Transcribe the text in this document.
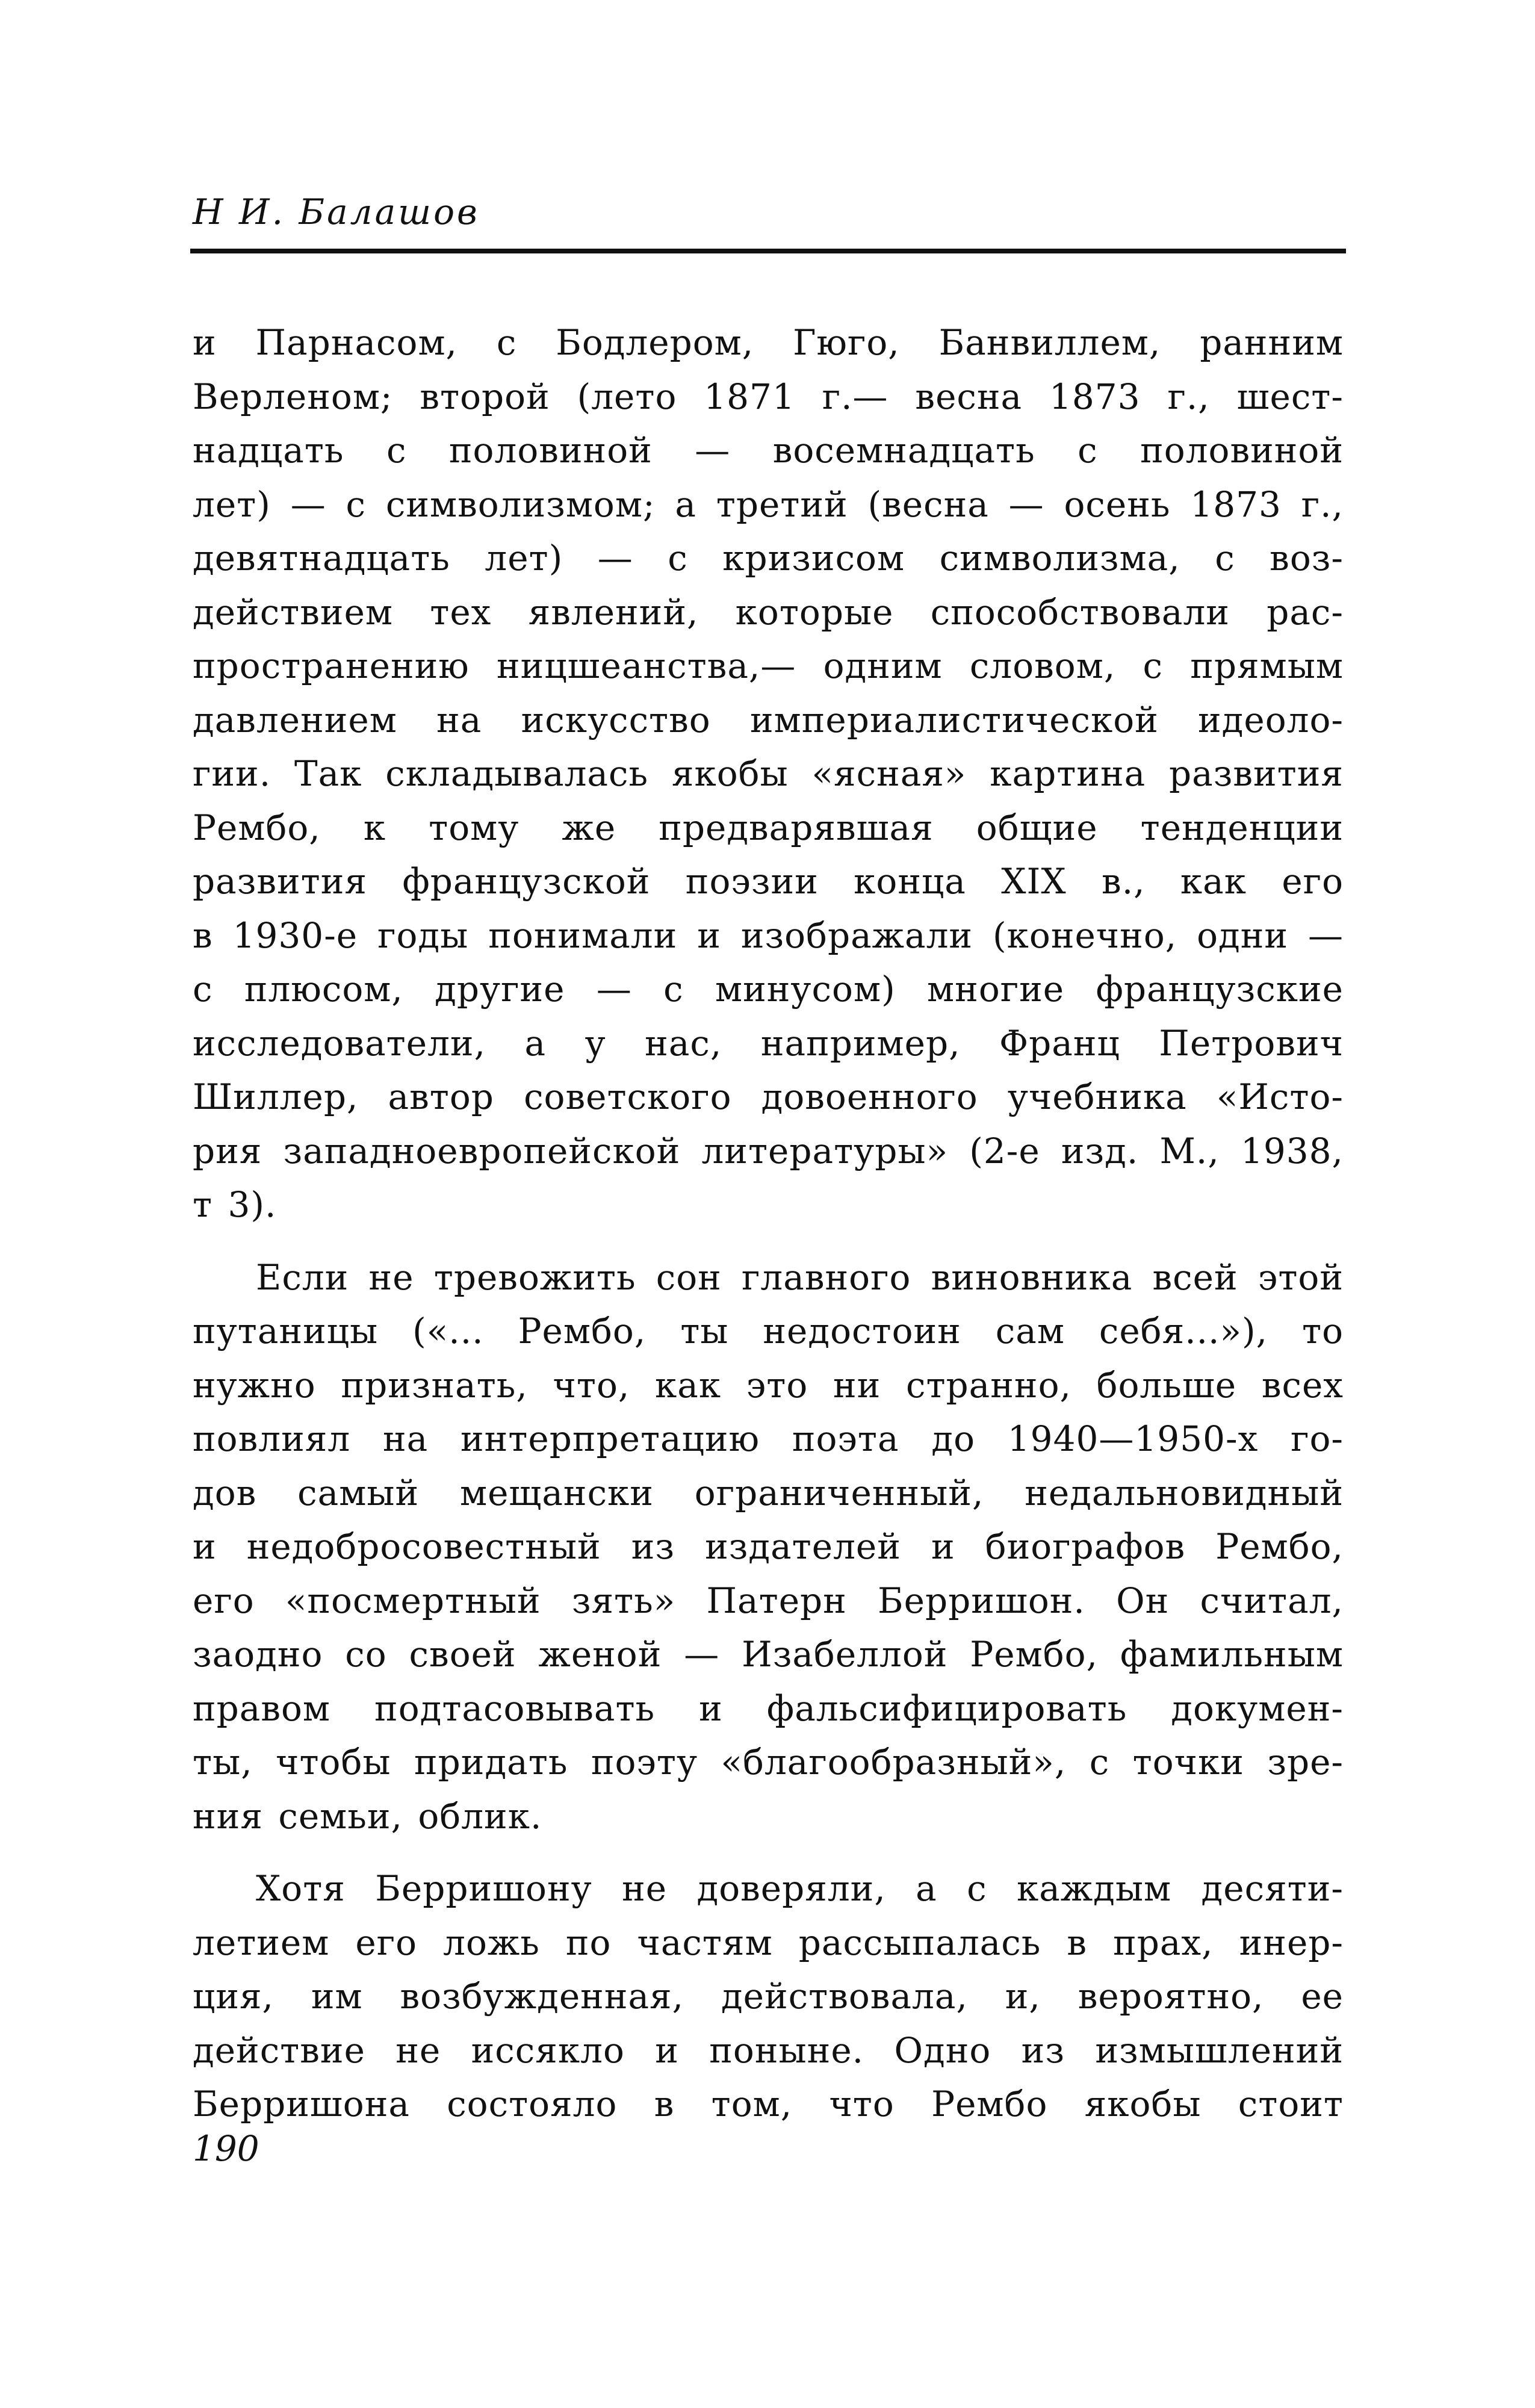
Н И. Балашов

и Парнасом, с Бодлером, Гюго, Банвиллем, ранним
Верленом; второй (лето 1871 г.— весна 1873 г., шест-
надцать с половиной — восемнадцать с половиной
лет) — с символизмом; а третий (весна — осень 1873 г.,
девятнадцать лет) — с кризисом символизма, с воз-
действием тех явлений, которые способствовали рас-
пространению ницшеанства,— одним словом, с прямым
давлением на искусство империалистической идеоло-
гии. Так складывалась якобы «ясная» картина развития
Рембо, к тому же предварявшая общие тенденции
развития французской поэзии конца XIX в., как его
в 1930-е годы понимали и изображали (конечно, одни —
с плюсом, другие — с минусом) многие французские
исследователи, а у нас, например, Франц Петрович
Шиллер, автор советского довоенного учебника «Исто-
рия западноевропейской литературы» (2-е изд. М., 1938,
т 3).

Если не тревожить сон главного виновника всей этой
путаницы («... Рембо, ты недостоин сам себя...»), то
нужно признать, что, как это ни странно, больше всех
повлиял на интерпретацию поэта до 1940—1950-х го-
дов самый мещански ограниченный, недальновидный
и недобросовестный из издателей и биографов Рембо,
его «посмертный зять» Патерн Берришон. Он считал,
заодно со своей женой — Изабеллой Рембо, фамильным
правом подтасовывать и фальсифицировать докумен-
ты, чтобы придать поэту «благообразный», с точки зре-
ния семьи, облик.

Хотя Берришону не доверяли, а с каждым десяти-
летием его ложь по частям рассыпалась в прах, инер-
ция, им возбужденная, действовала, и, вероятно, ее
действие не иссякло и поныне. Одно из измышлений
Берришона состояло в том, что Рембо якобы стоит

190
